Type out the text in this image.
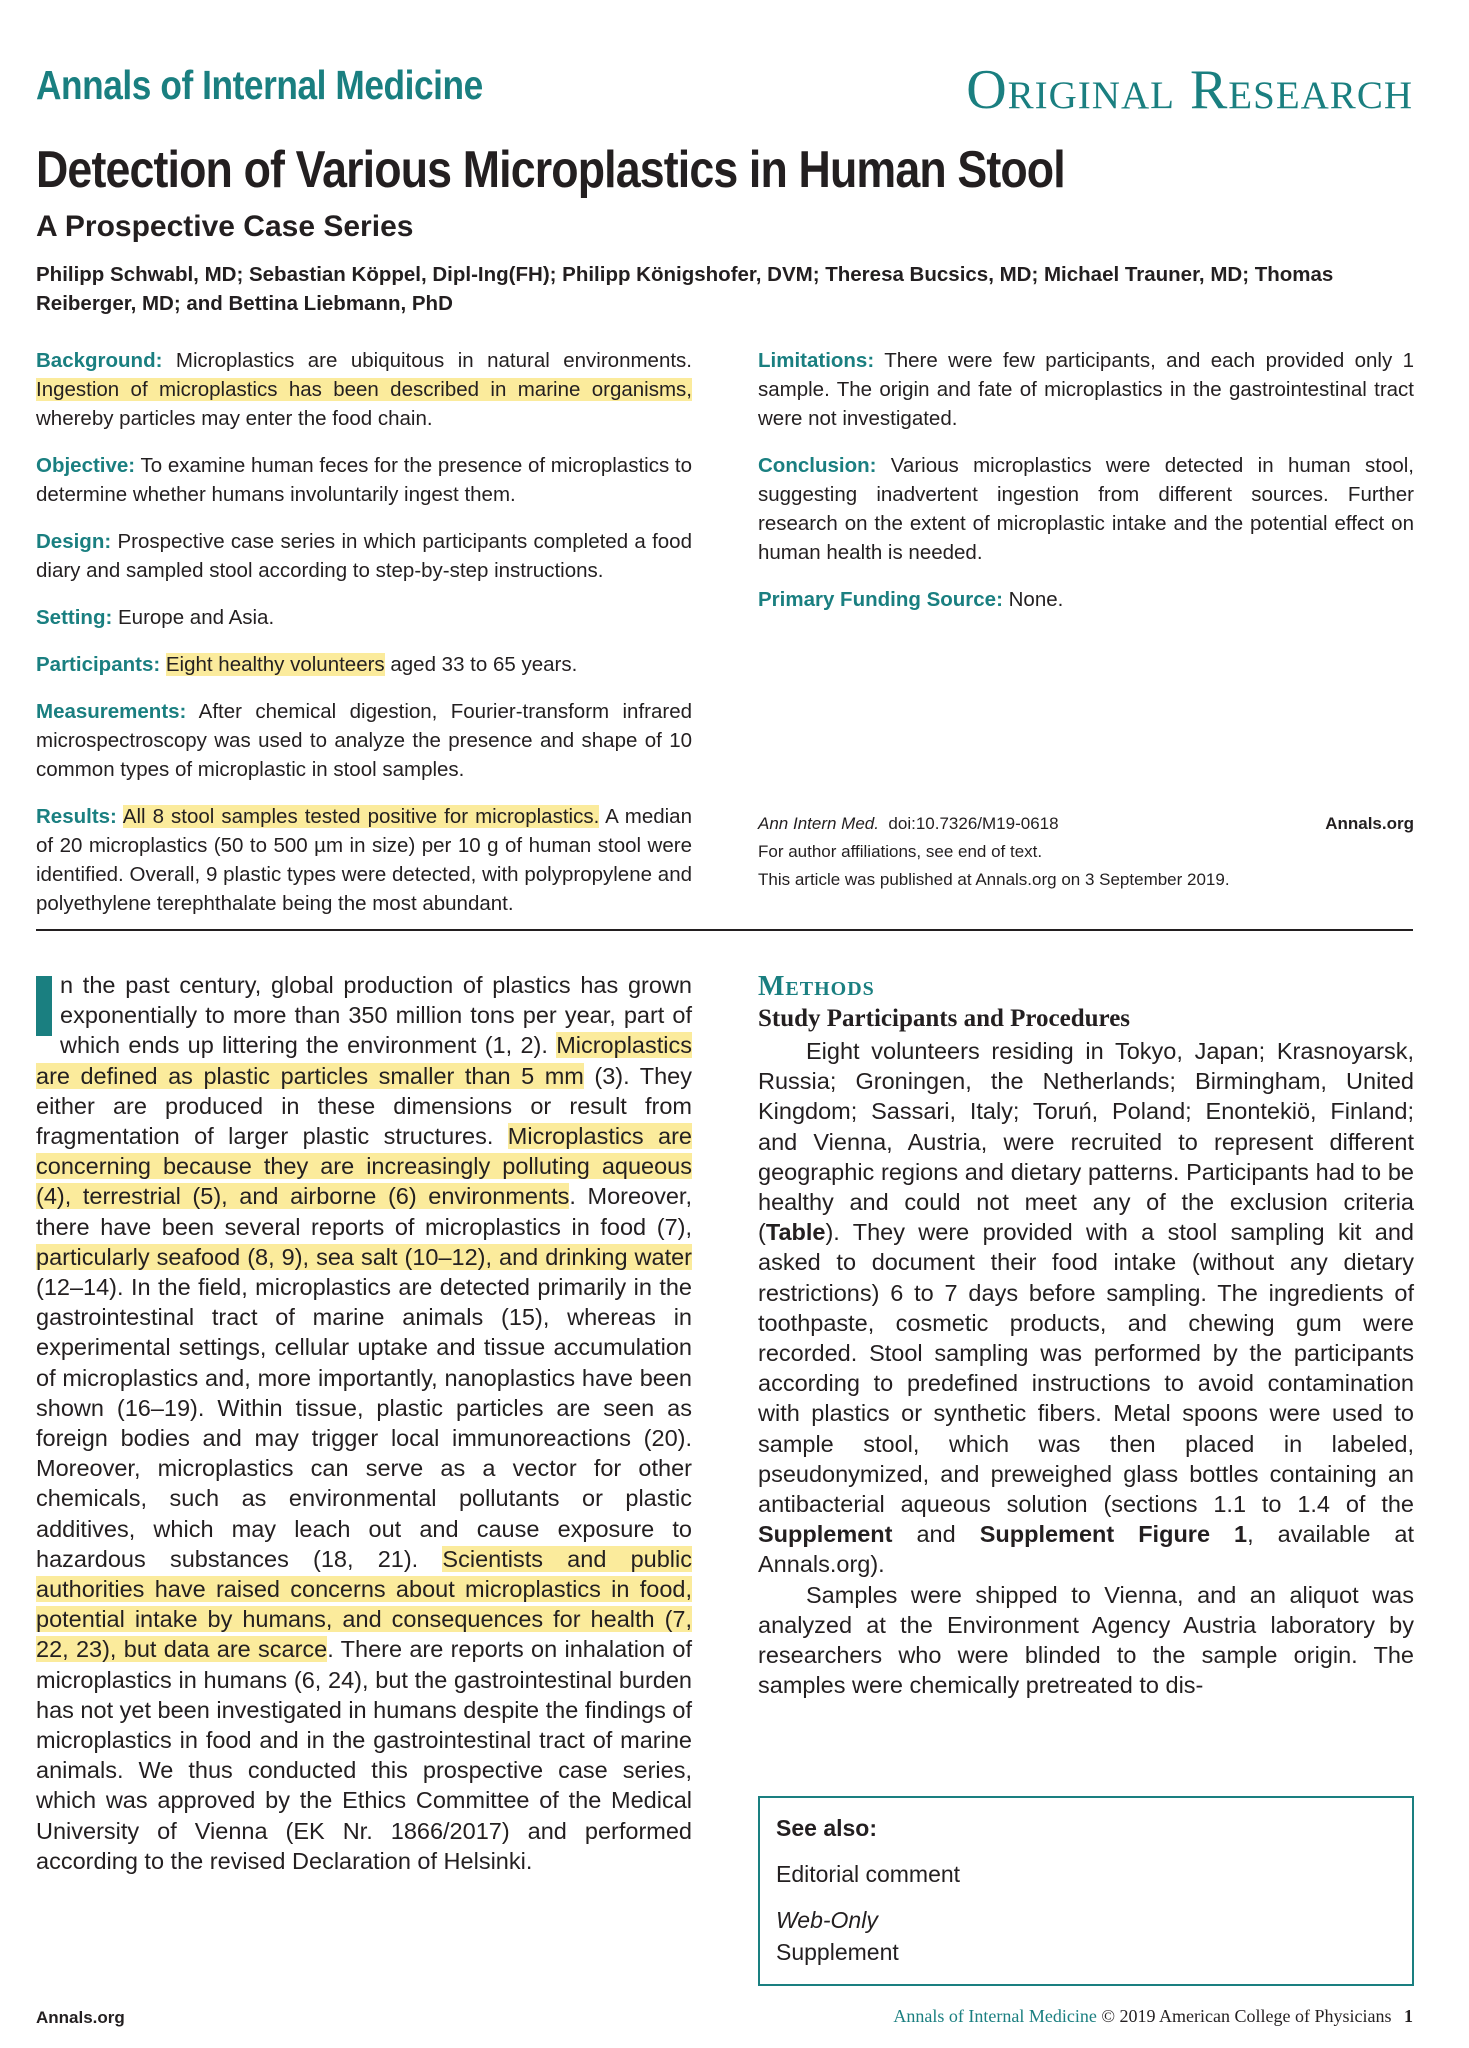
Annals of Internal Medicine	Original Research
Detection of Various Microplastics in Human Stool
A Prospective Case Series
Philipp Schwabl, MD; Sebastian Köppel, Dipl-Ing(FH); Philipp Königshofer, DVM; Theresa Bucsics, MD; Michael Trauner, MD; Thomas Reiberger, MD; and Bettina Liebmann, PhD

Background: Microplastics are ubiquitous in natural environments. Ingestion of microplastics has been described in marine organisms, whereby particles may enter the food chain.

Objective: To examine human feces for the presence of microplastics to determine whether humans involuntarily ingest them.

Design: Prospective case series in which participants completed a food diary and sampled stool according to step-by-step instructions.

Setting: Europe and Asia.

Participants: Eight healthy volunteers aged 33 to 65 years.

Measurements: After chemical digestion, Fourier-transform infrared microspectroscopy was used to analyze the presence and shape of 10 common types of microplastic in stool samples.

Results: All 8 stool samples tested positive for microplastics. A median of 20 microplastics (50 to 500 µm in size) per 10 g of human stool were identified. Overall, 9 plastic types were detected, with polypropylene and polyethylene terephthalate being the most abundant.

Limitations: There were few participants, and each provided only 1 sample. The origin and fate of microplastics in the gastrointestinal tract were not investigated.

Conclusion: Various microplastics were detected in human stool, suggesting inadvertent ingestion from different sources. Further research on the extent of microplastic intake and the potential effect on human health is needed.

Primary Funding Source: None.

Ann Intern Med. doi:10.7326/M19-0618	Annals.org
For author affiliations, see end of text.
This article was published at Annals.org on 3 September 2019.
n the past century, global production of plastics has grown exponentially to more than 350 million tons per year, part of which ends up littering the environment (1, 2). Microplastics are defined as plastic particles smaller than 5 mm (3). They either are produced in these dimensions or result from fragmentation of larger plastic structures. Microplastics are concerning because they are increasingly polluting aqueous (4), terrestrial (5), and airborne (6) environments. Moreover, there have been several reports of microplastics in food (7), particularly seafood (8, 9), sea salt (10–12), and drinking water (12–14). In the field, microplastics are detected primarily in the gastrointestinal tract of marine animals (15), whereas in experimental settings, cellular uptake and tissue accumulation of microplastics and, more importantly, nanoplastics have been shown (16–19). Within tissue, plastic particles are seen as foreign bodies and may trigger local immunoreactions (20). Moreover, microplastics can serve as a vector for other chemicals, such as environmental pollutants or plastic additives, which may leach out and cause exposure to hazardous substances (18, 21). Scientists and public authorities have raised concerns about microplastics in food, potential intake by humans, and consequences for health (7, 22, 23), but data are scarce. There are reports on inhalation of microplastics in humans (6, 24), but the gastrointestinal burden has not yet been investigated in humans despite the findings of microplastics in food and in the gastrointestinal tract of marine animals. We thus conducted this prospective case series, which was approved by the Ethics Committee of the Medical University of Vienna (EK Nr. 1866/2017) and performed according to the revised Declaration of Helsinki.
Methods
Study Participants and Procedures

Eight volunteers residing in Tokyo, Japan; Krasnoyarsk, Russia; Groningen, the Netherlands; Birmingham, United Kingdom; Sassari, Italy; Toruń, Poland; Enontekiö, Finland; and Vienna, Austria, were recruited to represent different geographic regions and dietary patterns. Participants had to be healthy and could not meet any of the exclusion criteria (Table). They were provided with a stool sampling kit and asked to document their food intake (without any dietary restrictions) 6 to 7 days before sampling. The ingredients of toothpaste, cosmetic products, and chewing gum were recorded. Stool sampling was performed by the participants according to predefined instructions to avoid contamination with plastics or synthetic fibers. Metal spoons were used to sample stool, which was then placed in labeled, pseudonymized, and preweighed glass bottles containing an antibacterial aqueous solution (sections 1.1 to 1.4 of the Supplement and Supplement Figure 1, available at Annals.org).

Samples were shipped to Vienna, and an aliquot was analyzed at the Environment Agency Austria laboratory by researchers who were blinded to the sample origin. The samples were chemically pretreated to dis-

See also:
Editorial comment
Web-Only
Supplement
Annals.org	Annals of Internal Medicine © 2019 American College of Physicians 1
